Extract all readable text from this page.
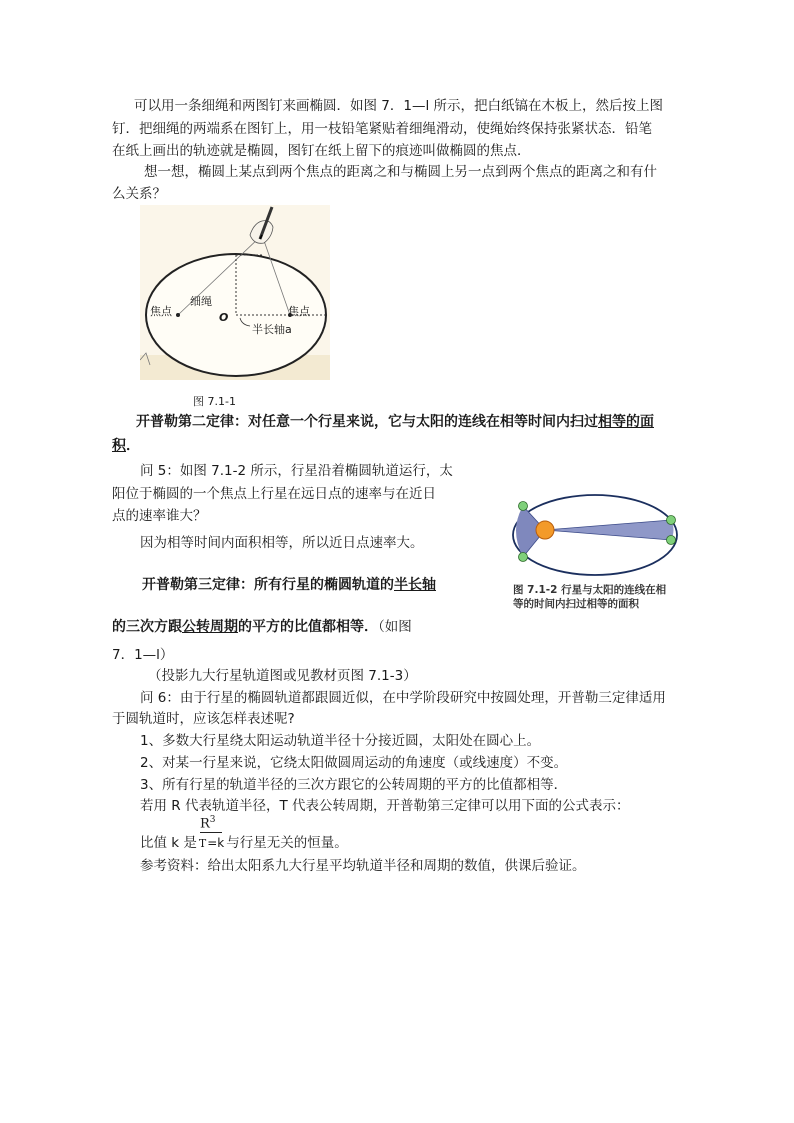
可以用一条细绳和两图钉来画椭圆．如图 7．1—l 所示，把白纸镐在木板上，然后按上图
钉．把细绳的两端系在图钉上，用一枝铅笔紧贴着细绳滑动，使绳始终保持张紧状态．铅笔
在纸上画出的轨迹就是椭圆，图钉在纸上留下的痕迹叫做椭圆的焦点．
想一想，椭圆上某点到两个焦点的距离之和与椭圆上另一点到两个焦点的距离之和有什
么关系？
细绳
焦点	焦点
O
半长轴a
图 7.1-1
开普勒第二定律：对任意一个行星来说，它与太阳的连线在相等时间内扫过相等的面
积．
问 5：如图 7.1-2 所示，行星沿着椭圆轨道运行，太
阳位于椭圆的一个焦点上行星在远日点的速率与在近日
点的速率谁大？
因为相等时间内面积相等，所以近日点速率大。
图 7.1-2 行星与太阳的连线在相
等的时间内扫过相等的面积
开普勒第三定律：所有行星的椭圆轨道的半长轴
的三次方跟公转周期的平方的比值都相等．（如图
7．1—l）
（投影九大行星轨道图或见教材页图 7.1-3）
问 6：由于行星的椭圆轨道都跟圆近似，在中学阶段研究中按圆处理，开普勒三定律适用
于圆轨道时，应该怎样表述呢?
1、多数大行星绕太阳运动轨道半径十分接近圆，太阳处在圆心上。
2、对某一行星来说，它绕太阳做圆周运动的角速度（或线速度）不变。
3、所有行星的轨道半径的三次方跟它的公转周期的平方的比值都相等．
若用 R 代表轨道半径，T 代表公转周期，开普勒第三定律可以用下面的公式表示：
$R^3$
比值 k 是 T=k 与行星无关的恒量。
参考资料：给出太阳系九大行星平均轨道半径和周期的数值，供课后验证。
